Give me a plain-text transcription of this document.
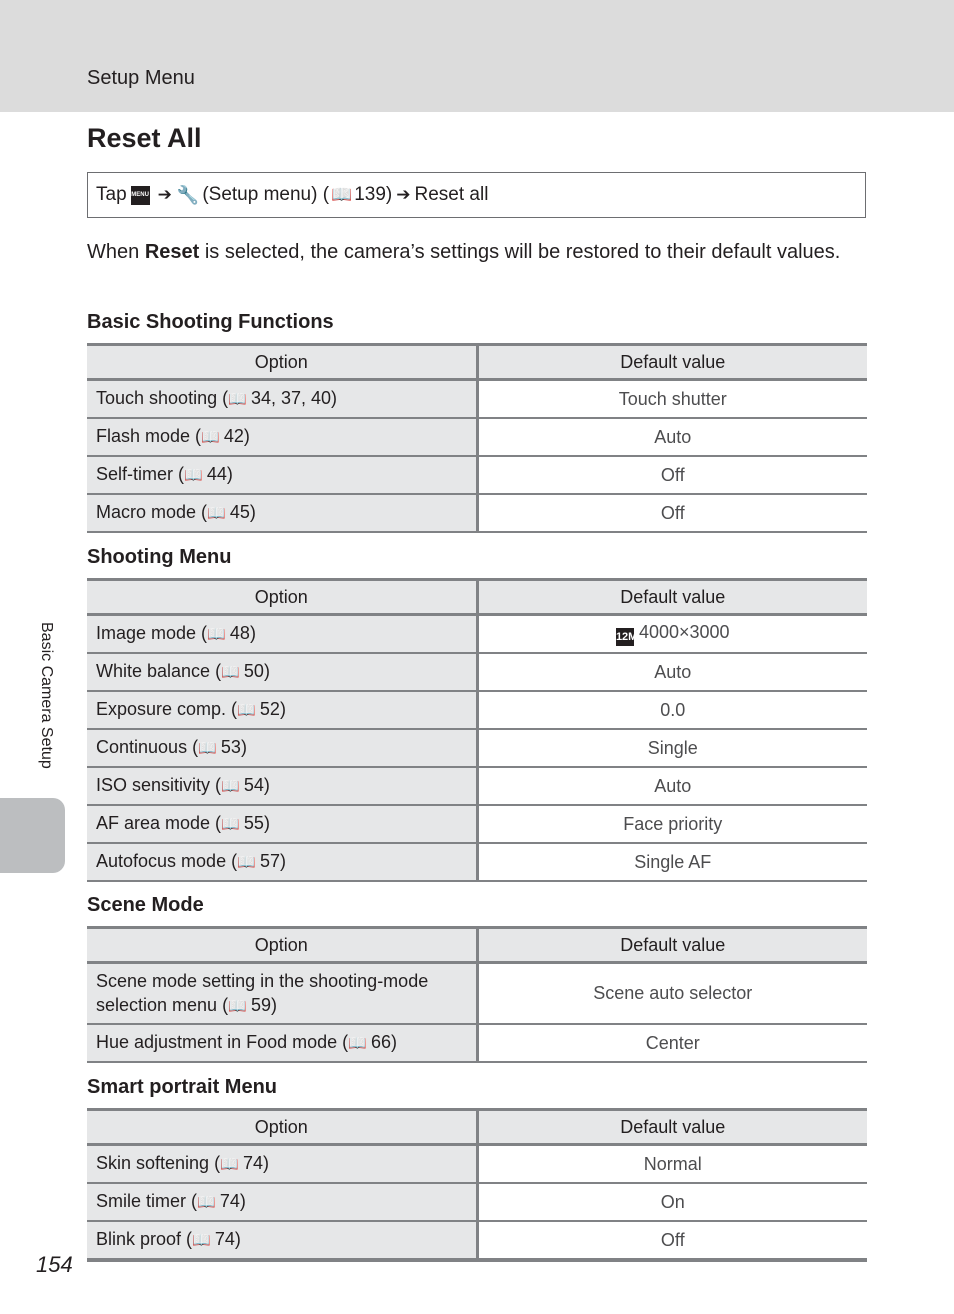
Setup Menu
Reset All
Tap MENU ➔ 🔧 (Setup menu) ( 📖 139) ➔ Reset all

When Reset is selected, the camera’s settings will be restored to their default values.

Basic Shooting Functions
Option	Default value
Touch shooting (📖 34, 37, 40)	Touch shutter
Flash mode (📖 42)	Auto
Self-timer (📖 44)	Off
Macro mode (📖 45)	Off
Shooting Menu
Option	Default value
Image mode (📖 48)	12M4000×3000
White balance (📖 50)	Auto
Exposure comp. (📖 52)	0.0
Continuous (📖 53)	Single
ISO sensitivity (📖 54)	Auto
AF area mode (📖 55)	Face priority
Autofocus mode (📖 57)	Single AF
Scene Mode
Option	Default value
Scene mode setting in the shooting-mode selection menu (📖 59)	Scene auto selector
Hue adjustment in Food mode (📖 66)	Center
Smart portrait Menu
Option	Default value
Skin softening (📖 74)	Normal
Smile timer (📖 74)	On
Blink proof (📖 74)	Off
Basic Camera Setup
154
